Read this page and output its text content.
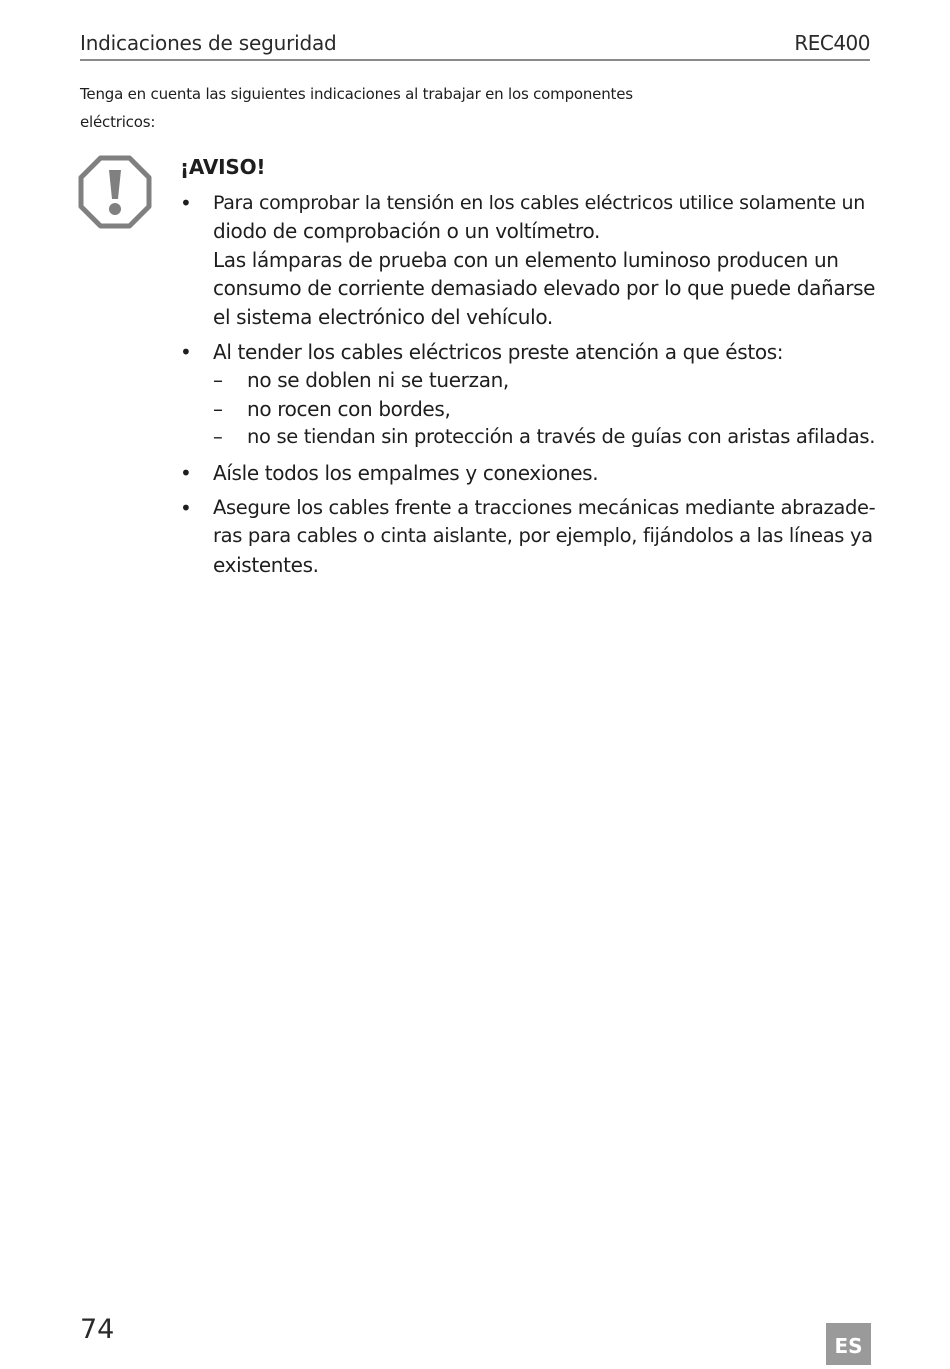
Indicaciones de seguridad	REC400
Tenga en cuenta las siguientes indicaciones al trabajar en los componentes
eléctricos:
¡AVISO!
• Para comprobar la tensión en los cables eléctricos utilice solamente un
diodo de comprobación o un voltímetro.
Las lámparas de prueba con un elemento luminoso producen un
consumo de corriente demasiado elevado por lo que puede dañarse
el sistema electrónico del vehículo.
• Al tender los cables eléctricos preste atención a que éstos:
– no se doblen ni se tuerzan,
– no rocen con bordes,
– no se tiendan sin protección a través de guías con aristas afiladas.
• Aísle todos los empalmes y conexiones.
• Asegure los cables frente a tracciones mecánicas mediante abrazade-
ras para cables o cinta aislante, por ejemplo, fijándolos a las líneas ya
existentes.
74
ES
